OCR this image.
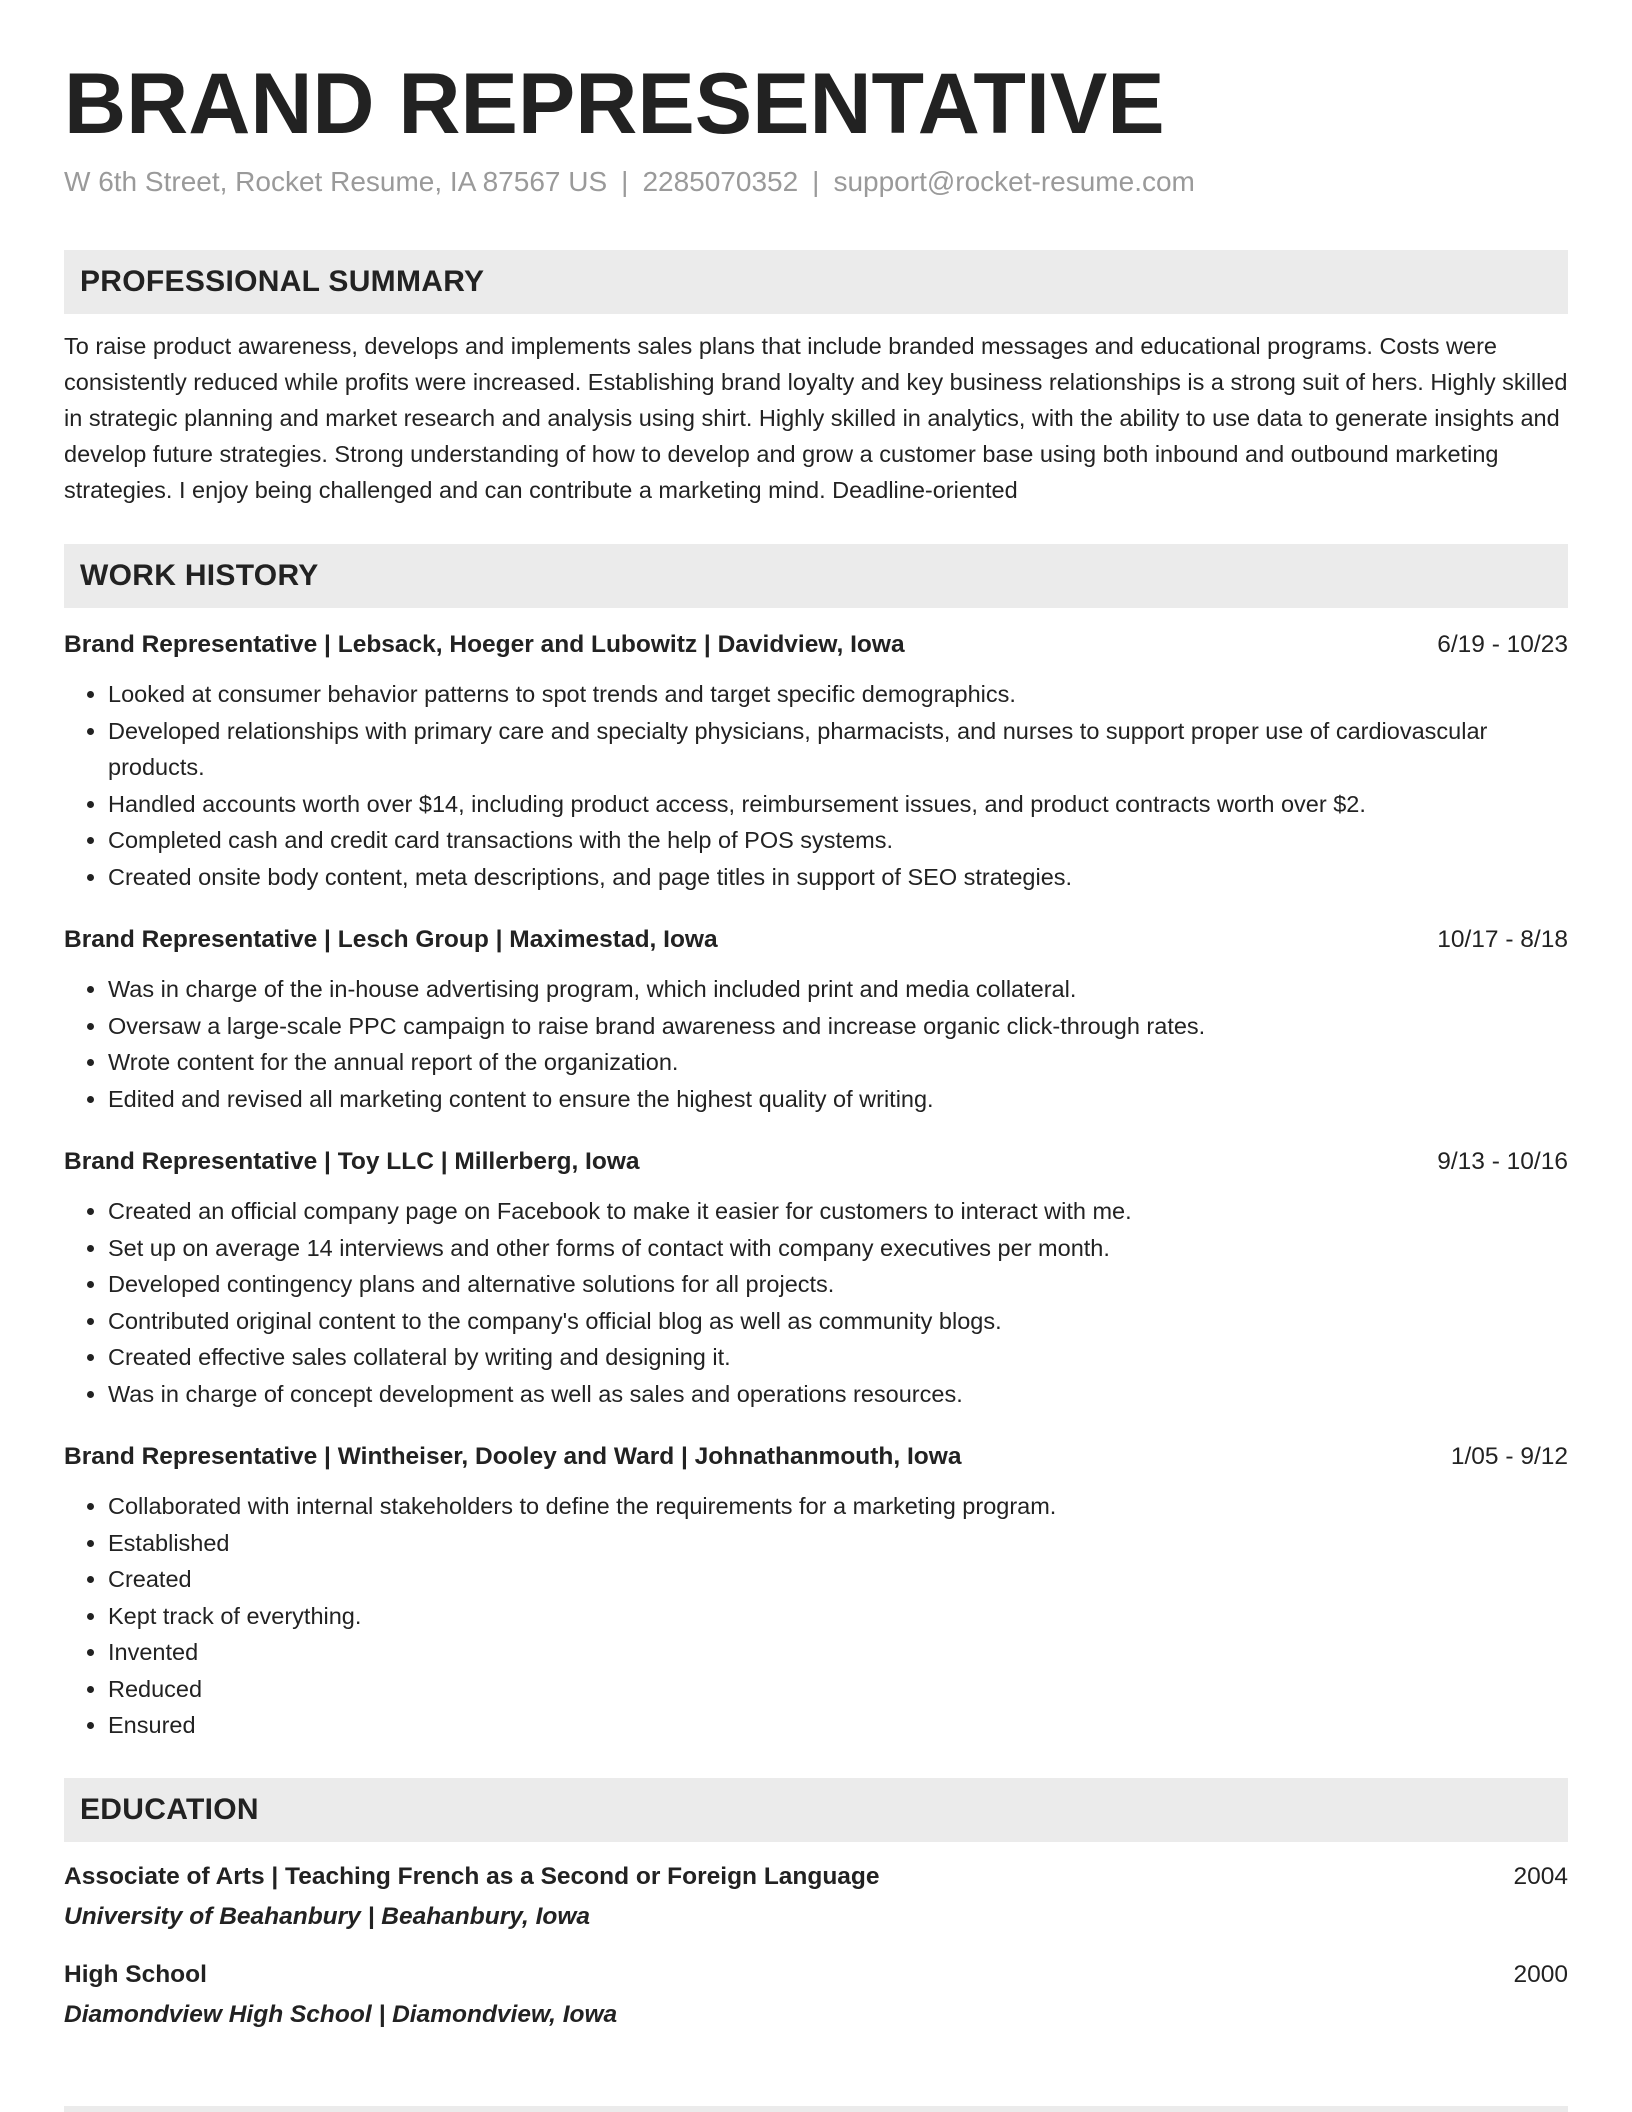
BRAND REPRESENTATIVE
W 6th Street, Rocket Resume, IA 87567 US | 2285070352 | support@rocket-resume.com
PROFESSIONAL SUMMARY
To raise product awareness, develops and implements sales plans that include branded messages and educational programs. Costs were consistently reduced while profits were increased. Establishing brand loyalty and key business relationships is a strong suit of hers. Highly skilled in strategic planning and market research and analysis using shirt. Highly skilled in analytics, with the ability to use data to generate insights and develop future strategies. Strong understanding of how to develop and grow a customer base using both inbound and outbound marketing strategies. I enjoy being challenged and can contribute a marketing mind. Deadline-oriented
WORK HISTORY
Brand Representative | Lebsack, Hoeger and Lubowitz | Davidview, Iowa	6/19 - 10/23
• Looked at consumer behavior patterns to spot trends and target specific demographics.
• Developed relationships with primary care and specialty physicians, pharmacists, and nurses to support proper use of cardiovascular products.
• Handled accounts worth over $14, including product access, reimbursement issues, and product contracts worth over $2.
• Completed cash and credit card transactions with the help of POS systems.
• Created onsite body content, meta descriptions, and page titles in support of SEO strategies.
Brand Representative | Lesch Group | Maximestad, Iowa	10/17 - 8/18
• Was in charge of the in-house advertising program, which included print and media collateral.
• Oversaw a large-scale PPC campaign to raise brand awareness and increase organic click-through rates.
• Wrote content for the annual report of the organization.
• Edited and revised all marketing content to ensure the highest quality of writing.
Brand Representative | Toy LLC | Millerberg, Iowa	9/13 - 10/16
• Created an official company page on Facebook to make it easier for customers to interact with me.
• Set up on average 14 interviews and other forms of contact with company executives per month.
• Developed contingency plans and alternative solutions for all projects.
• Contributed original content to the company's official blog as well as community blogs.
• Created effective sales collateral by writing and designing it.
• Was in charge of concept development as well as sales and operations resources.
Brand Representative | Wintheiser, Dooley and Ward | Johnathanmouth, Iowa	1/05 - 9/12
• Collaborated with internal stakeholders to define the requirements for a marketing program.
• Established
• Created
• Kept track of everything.
• Invented
• Reduced
• Ensured
EDUCATION
Associate of Arts | Teaching French as a Second or Foreign Language	2004
University of Beahanbury | Beahanbury, Iowa
High School	2000
Diamondview High School | Diamondview, Iowa
